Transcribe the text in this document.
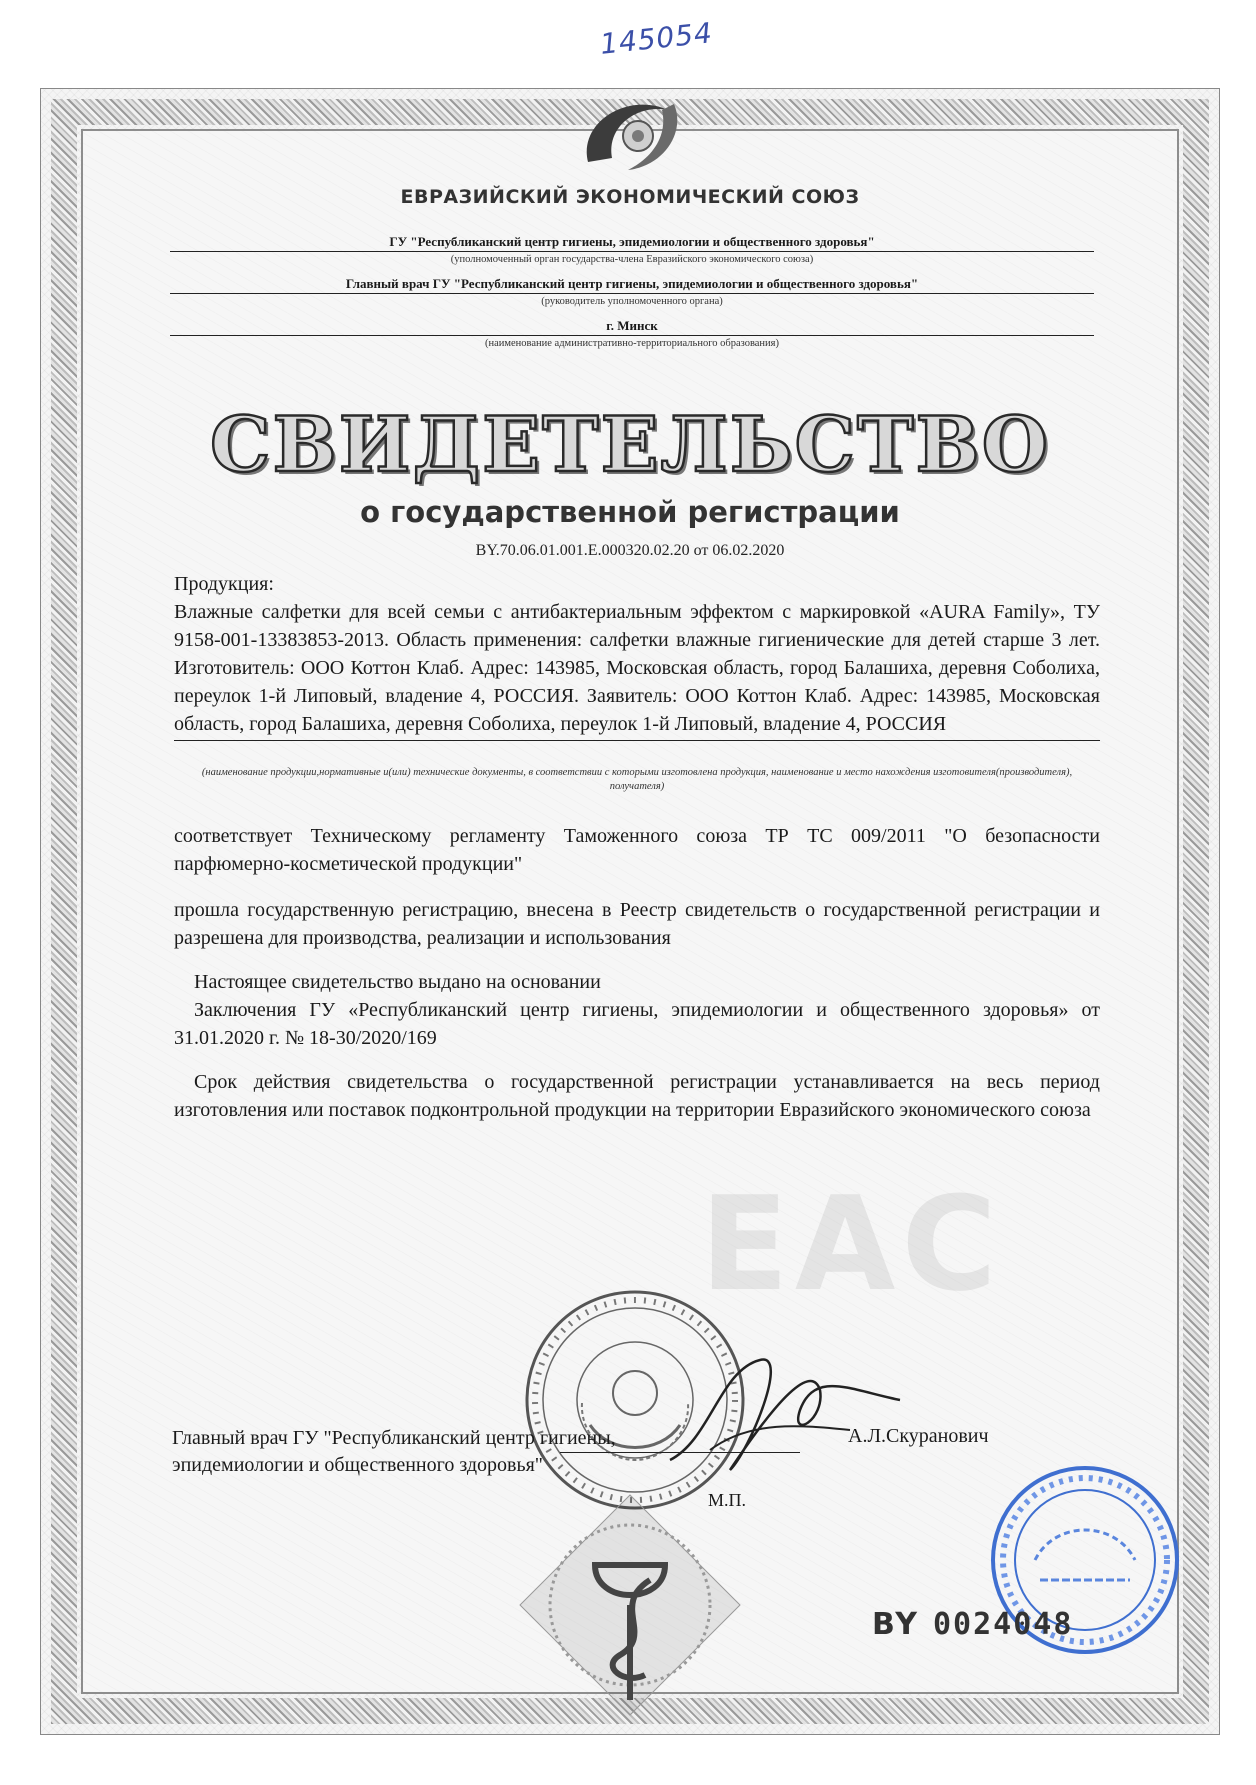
145054
ЕВРАЗИЙСКИЙ ЭКОНОМИЧЕСКИЙ СОЮЗ
ГУ "Республиканский центр гигиены, эпидемиологии и общественного здоровья"
(уполномоченный орган государства-члена Евразийского экономического союза)
Главный врач ГУ "Республиканский центр гигиены, эпидемиологии и общественного здоровья"
(руководитель уполномоченного органа)
г. Минск
(наименование административно-территориального образования)
СВИДЕТЕЛЬСТВО
о государственной регистрации
BY.70.06.01.001.E.000320.02.20 от 06.02.2020
Продукция:
Влажные салфетки для всей семьи с антибактериальным эффектом с маркировкой «AURA Family», ТУ 9158-001-13383853-2013. Область применения: салфетки влажные гигиенические для детей старше 3 лет. Изготовитель: ООО Коттон Клаб. Адрес: 143985, Московская область, город Балашиха, деревня Соболиха, переулок 1-й Липовый, владение 4, РОССИЯ. Заявитель: ООО Коттон Клаб. Адрес: 143985, Московская область, город Балашиха, деревня Соболиха, переулок 1-й Липовый, владение 4, РОССИЯ
(наименование продукции,нормативные и(или) технические документы, в соответствии с которыми изготовлена продукция, наименование и место нахождения изготовителя(производителя), получателя)
соответствует Техническому регламенту Таможенного союза ТР ТС 009/2011 "О безопасности парфюмерно-косметической продукции"
прошла государственную регистрацию, внесена в Реестр свидетельств о государственной регистрации и разрешена для производства, реализации и использования
Настоящее свидетельство выдано на основании
Заключения ГУ «Республиканский центр гигиены, эпидемиологии и общественного здоровья» от 31.01.2020 г. № 18-30/2020/169
Срок действия свидетельства о государственной регистрации устанавливается на весь период изготовления или поставок подконтрольной продукции на территории Евразийского экономического союза
EAC
Главный врач ГУ "Республиканский центр гигиены, эпидемиологии и общественного здоровья"
А.Л.Скуранович
М.П.
BY 0024048
